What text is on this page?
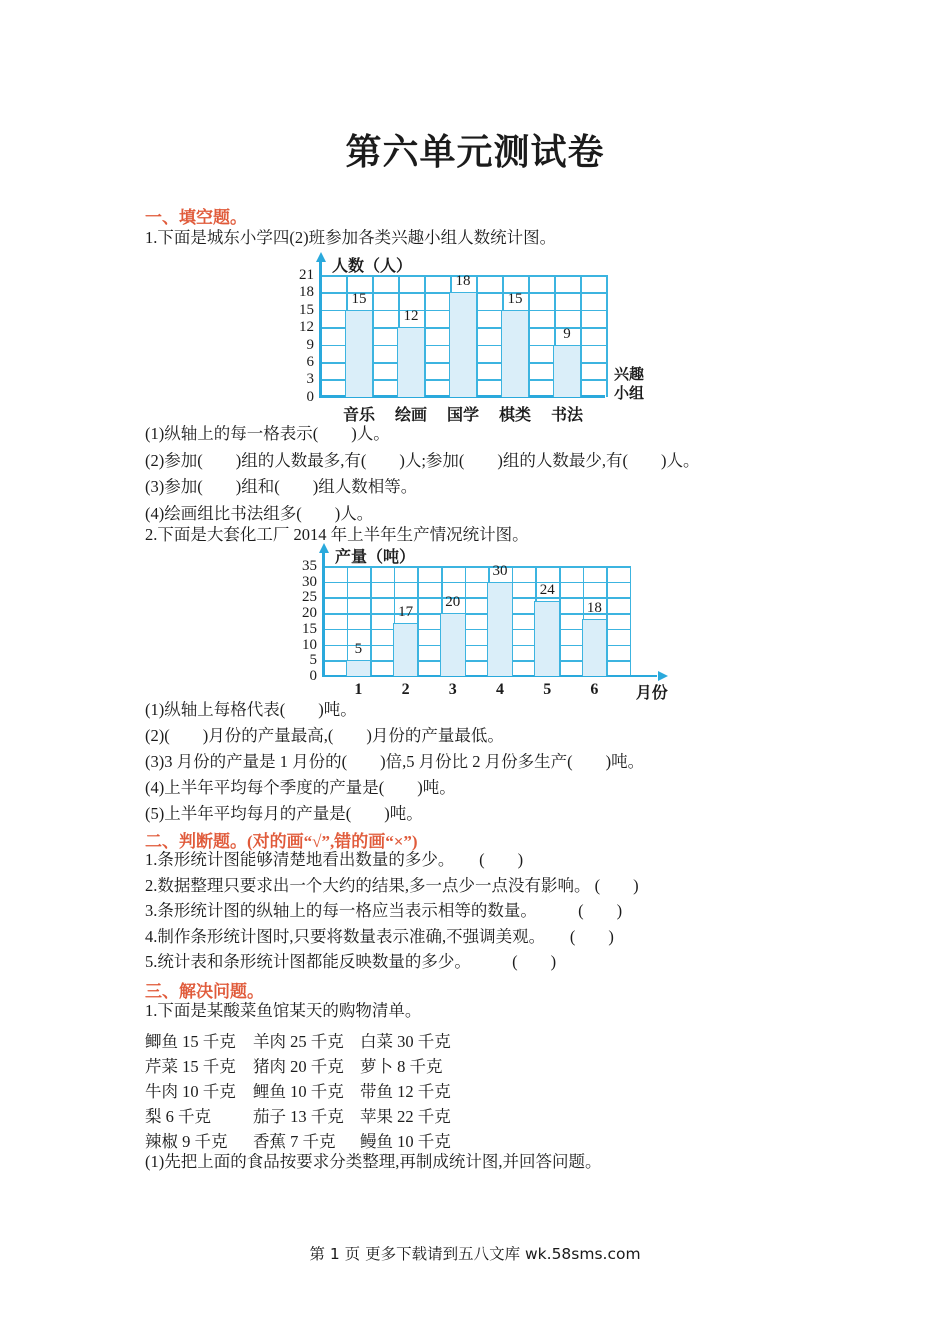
第六单元测试卷
一、填空题。
1.下面是城东小学四(2)班参加各类兴趣小组人数统计图。
15
音乐
12
绘画
18
国学
15
棋类
9
书法
0
3
6
9
12
15
18
21 人数（人）
兴趣
小组
(1)纵轴上的每一格表示(　　)人。
(2)参加(　　)组的人数最多,有(　　)人;参加(　　)组的人数最少,有(　　)人。
(3)参加(　　)组和(　　)组人数相等。
(4)绘画组比书法组多(　　)人。
2.下面是大套化工厂 2014 年上半年生产情况统计图。
5
1
17
2
20
3
30
4
24
5
18
6
0
5
10
15
20
25
30
35 产量（吨）
月份
(1)纵轴上每格代表(　　)吨。
(2)(　　)月份的产量最高,(　　)月份的产量最低。
(3)3 月份的产量是 1 月份的(　　)倍,5 月份比 2 月份多生产(　　)吨。
(4)上半年平均每个季度的产量是(　　)吨。
(5)上半年平均每月的产量是(　　)吨。
二、判断题。(对的画“√”,错的画“×”)
1.条形统计图能够清楚地看出数量的多少。　　(　　)
2.数据整理只要求出一个大约的结果,多一点少一点没有影响。 (　　)
3.条形统计图的纵轴上的每一格应当表示相等的数量。　　　(　　)
4.制作条形统计图时,只要将数量表示准确,不强调美观。　　(　　)
5.统计表和条形统计图都能反映数量的多少。　　　(　　)
三、解决问题。
1.下面是某酸菜鱼馆某天的购物清单。
鲫鱼 15 千克	羊肉 25 千克 白菜 30 千克
芹菜 15 千克	猪肉 20 千克 萝卜 8 千克
牛肉 10 千克	鲤鱼 10 千克 带鱼 12 千克
梨 6 千克	茄子 13 千克 苹果 22 千克
辣椒 9 千克	香蕉 7 千克	鳗鱼 10 千克
(1)先把上面的食品按要求分类整理,再制成统计图,并回答问题。
第 1 页 更多下载请到五八文库 wk.58sms.com
